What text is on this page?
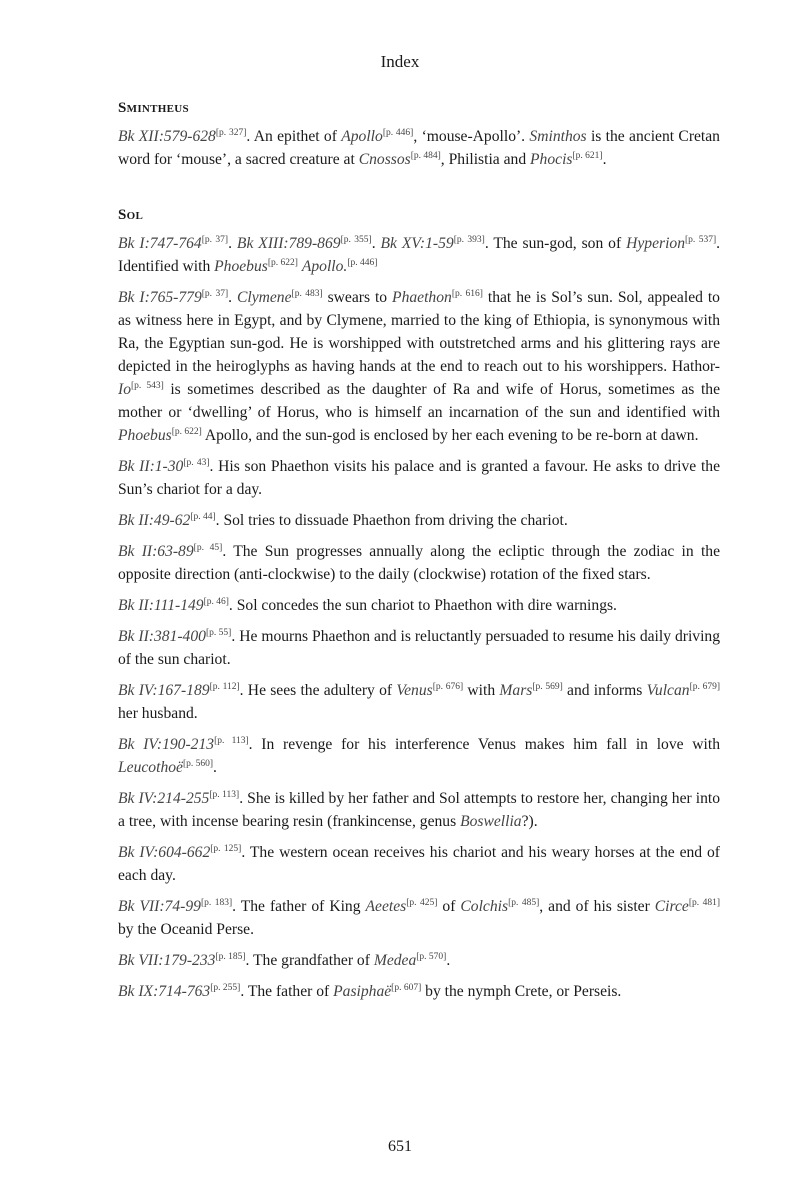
Index
Smintheus

Bk XII:579-628[p. 327]. An epithet of Apollo[p. 446], ‘mouse-Apollo’. Sminthos is the ancient Cretan word for ‘mouse’, a sacred creature at Cnossos[p. 484], Philistia and Phocis[p. 621].

Sol

Bk I:747-764[p. 37]. Bk XIII:789-869[p. 355]. Bk XV:1-59[p. 393]. The sun-god, son of Hyperion[p. 537]. Identified with Phoebus[p. 622] Apollo.[p. 446]

Bk I:765-779[p. 37]. Clymene[p. 483] swears to Phaethon[p. 616] that he is Sol’s sun. Sol, appealed to as witness here in Egypt, and by Clymene, married to the king of Ethiopia, is synonymous with Ra, the Egyptian sun-god. He is worshipped with outstretched arms and his glittering rays are depicted in the heiroglyphs as having hands at the end to reach out to his worshippers. Hathor-Io[p. 543] is sometimes described as the daughter of Ra and wife of Horus, sometimes as the mother or ‘dwelling’ of Horus, who is himself an incarnation of the sun and identified with Phoebus[p. 622] Apollo, and the sun-god is enclosed by her each evening to be re-born at dawn.

Bk II:1-30[p. 43]. His son Phaethon visits his palace and is granted a favour. He asks to drive the Sun’s chariot for a day.

Bk II:49-62[p. 44]. Sol tries to dissuade Phaethon from driving the chariot.

Bk II:63-89[p. 45]. The Sun progresses annually along the ecliptic through the zodiac in the opposite direction (anti-clockwise) to the daily (clockwise) rotation of the fixed stars.

Bk II:111-149[p. 46]. Sol concedes the sun chariot to Phaethon with dire warnings.

Bk II:381-400[p. 55]. He mourns Phaethon and is reluctantly persuaded to resume his daily driving of the sun chariot.

Bk IV:167-189[p. 112]. He sees the adultery of Venus[p. 676] with Mars[p. 569] and informs Vulcan[p. 679] her husband.

Bk IV:190-213[p. 113]. In revenge for his interference Venus makes him fall in love with Leucothoë[p. 560].

Bk IV:214-255[p. 113]. She is killed by her father and Sol attempts to restore her, changing her into a tree, with incense bearing resin (frankincense, genus Boswellia?).

Bk IV:604-662[p. 125]. The western ocean receives his chariot and his weary horses at the end of each day.

Bk VII:74-99[p. 183]. The father of King Aeetes[p. 425] of Colchis[p. 485], and of his sister Circe[p. 481] by the Oceanid Perse.

Bk VII:179-233[p. 185]. The grandfather of Medea[p. 570].

Bk IX:714-763[p. 255]. The father of Pasiphaë[p. 607] by the nymph Crete, or Perseis.

651
